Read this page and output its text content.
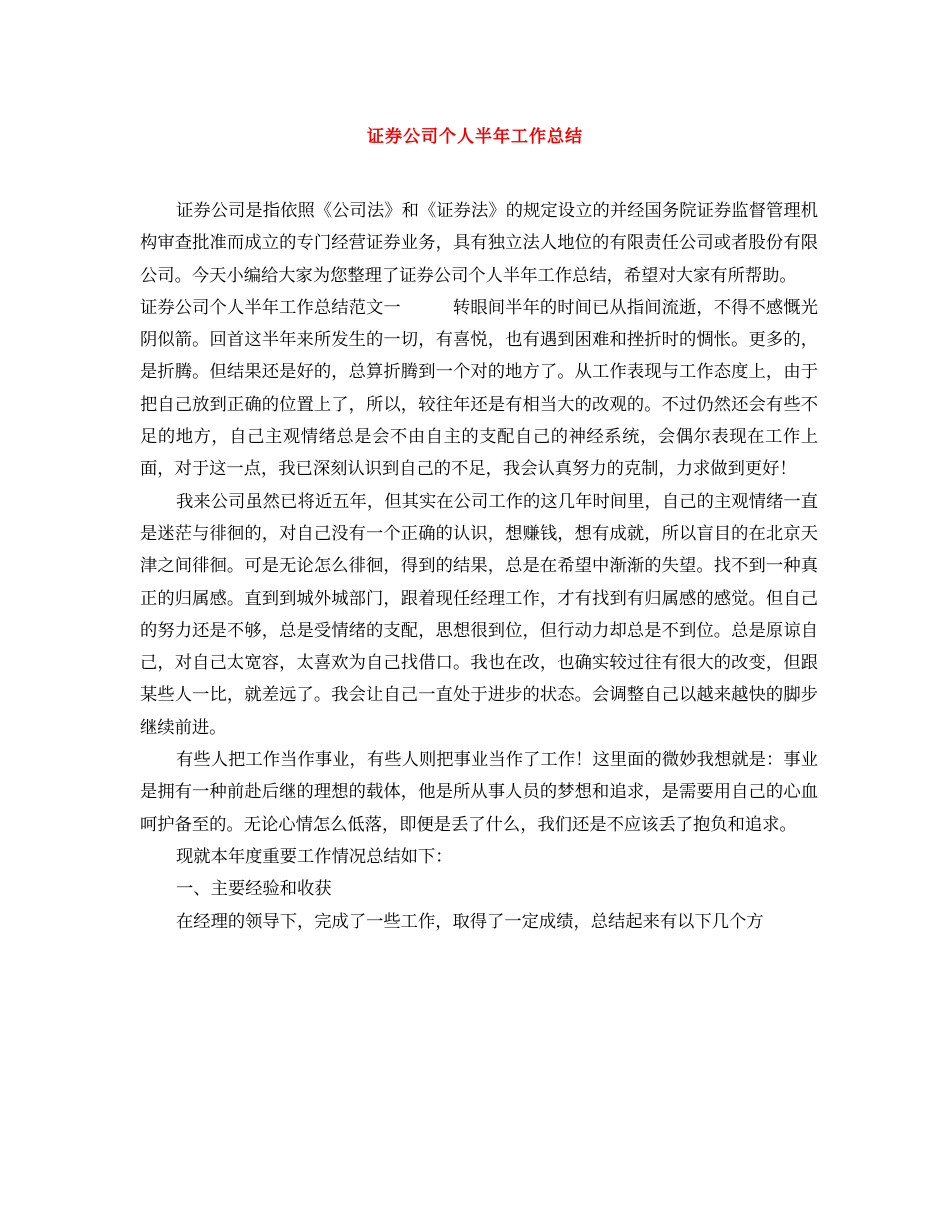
证券公司个人半年工作总结

证券公司是指依照《公司法》和《证券法》的规定设立的并经国务院证券监督管理机构审查批准而成立的专门经营证券业务，具有独立法人地位的有限责任公司或者股份有限公司。今天小编给大家为您整理了证券公司个人半年工作总结，希望对大家有所帮助。

证券公司个人半年工作总结范文一	转眼间半年的时间已从指间流逝，不得不感慨光阴似箭。回首这半年来所发生的一切，有喜悦，也有遇到困难和挫折时的惆怅。更多的，是折腾。但结果还是好的，总算折腾到一个对的地方了。从工作表现与工作态度上，由于把自己放到正确的位置上了，所以，较往年还是有相当大的改观的。不过仍然还会有些不足的地方，自己主观情绪总是会不由自主的支配自己的神经系统，会偶尔表现在工作上面，对于这一点，我已深刻认识到自己的不足，我会认真努力的克制，力求做到更好！

我来公司虽然已将近五年，但其实在公司工作的这几年时间里，自己的主观情绪一直是迷茫与徘徊的，对自己没有一个正确的认识，想赚钱，想有成就，所以盲目的在北京天津之间徘徊。可是无论怎么徘徊，得到的结果，总是在希望中渐渐的失望。找不到一种真正的归属感。直到到城外城部门，跟着现任经理工作，才有找到有归属感的感觉。但自己的努力还是不够，总是受情绪的支配，思想很到位，但行动力却总是不到位。总是原谅自己，对自己太宽容，太喜欢为自己找借口。我也在改，也确实较过往有很大的改变，但跟某些人一比，就差远了。我会让自己一直处于进步的状态。会调整自己以越来越快的脚步继续前进。

有些人把工作当作事业，有些人则把事业当作了工作！这里面的微妙我想就是：事业是拥有一种前赴后继的理想的载体，他是所从事人员的梦想和追求，是需要用自己的心血呵护备至的。无论心情怎么低落，即便是丢了什么，我们还是不应该丢了抱负和追求。

现就本年度重要工作情况总结如下：

一、主要经验和收获

在经理的领导下，完成了一些工作，取得了一定成绩，总结起来有以下几个方
